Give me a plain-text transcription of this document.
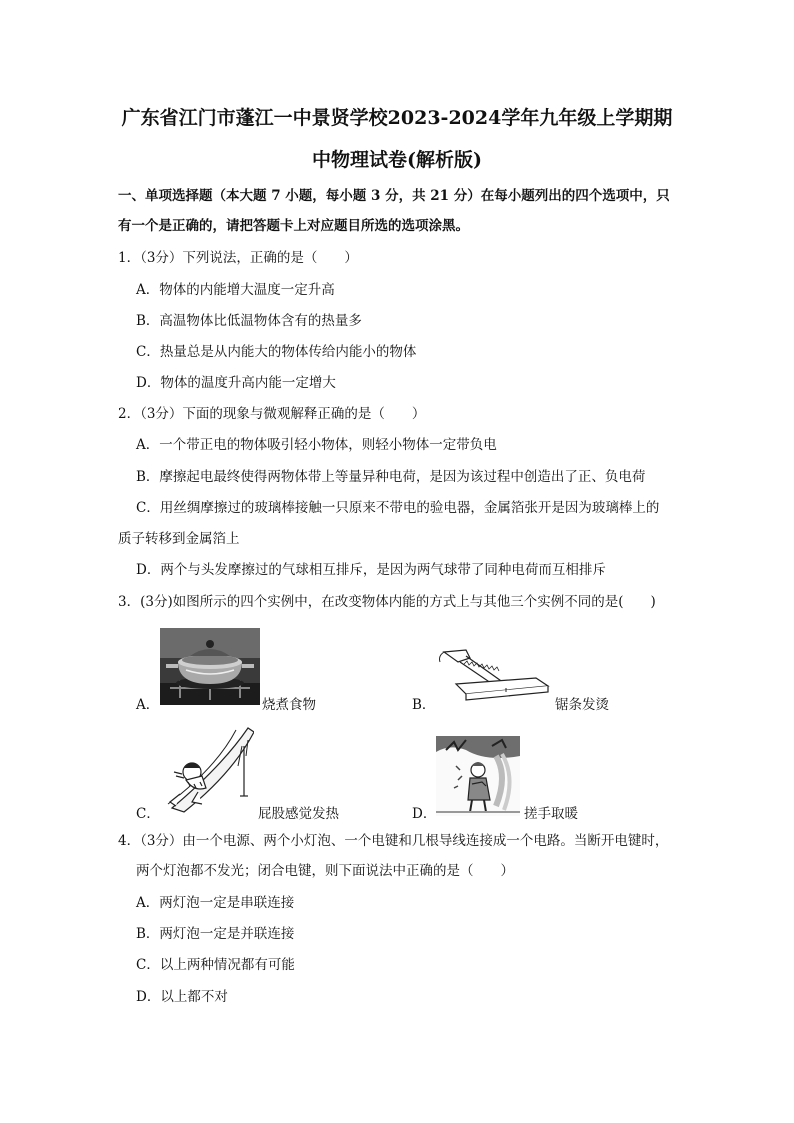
广东省江门市蓬江一中景贤学校2023-2024学年九年级上学期期
中物理试卷(解析版)
一、单项选择题（本大题 7 小题，每小题 3 分，共 21 分）在每小题列出的四个选项中，只
有一个是正确的，请把答题卡上对应题目所选的选项涂黑。
1．（3分）下列说法，正确的是（　　）
A．物体的内能增大温度一定升高
B．高温物体比低温物体含有的热量多
C．热量总是从内能大的物体传给内能小的物体
D．物体的温度升高内能一定增大
2．（3分）下面的现象与微观解释正确的是（　　）
A．一个带正电的物体吸引轻小物体，则轻小物体一定带负电
B．摩擦起电最终使得两物体带上等量异种电荷，是因为该过程中创造出了正、负电荷
C．用丝绸摩擦过的玻璃棒接触一只原来不带电的验电器，金属箔张开是因为玻璃棒上的
质子转移到金属箔上
D．两个与头发摩擦过的气球相互排斥，是因为两气球带了同种电荷而互相排斥
3．(3分)如图所示的四个实例中，在改变物体内能的方式上与其他三个实例不同的是(　　)
A．	烧煮食物	B．	锯条发烫
C．	屁股感觉发热	D．	搓手取暖
4．（3分）由一个电源、两个小灯泡、一个电键和几根导线连接成一个电路。当断开电键时，
两个灯泡都不发光；闭合电键，则下面说法中正确的是（　　）
A．两灯泡一定是串联连接
B．两灯泡一定是并联连接
C．以上两种情况都有可能
D．以上都不对
